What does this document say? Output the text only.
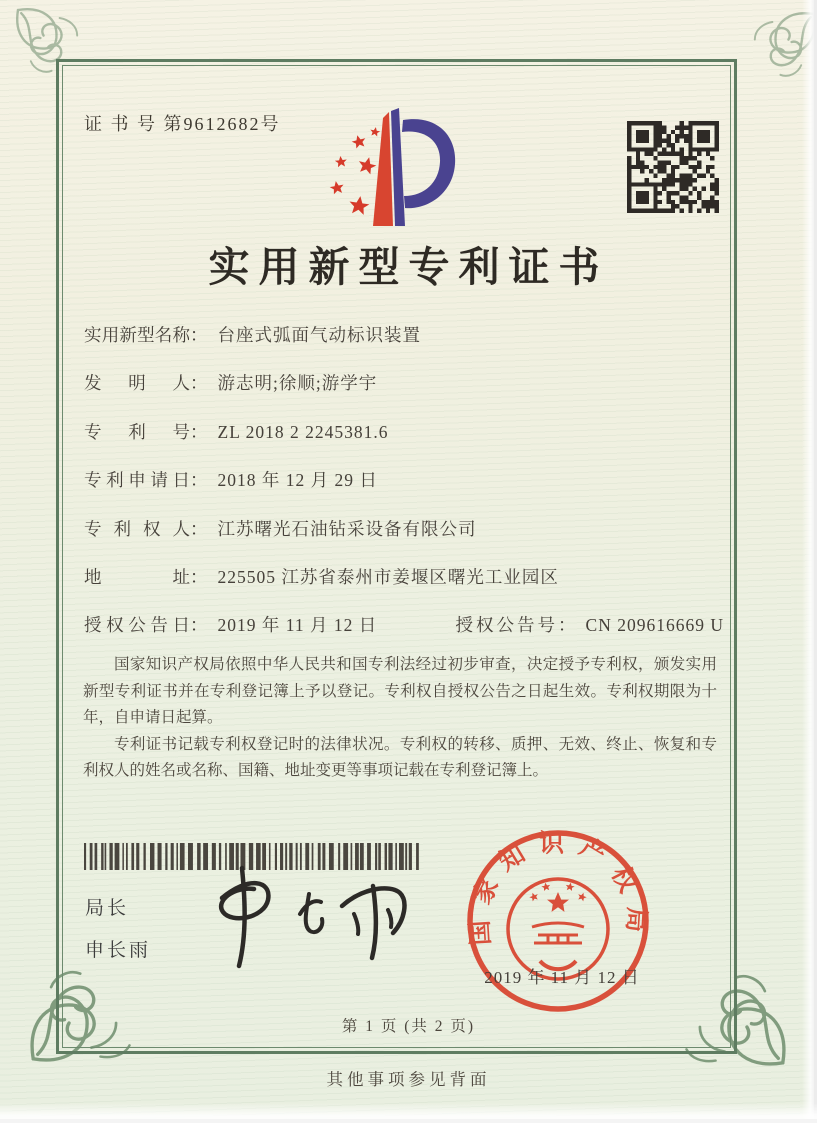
证 书 号 第9612682号
实用新型专利证书
实用新型名称 ： 台座式弧面气动标识装置
发明人 ： 游志明;徐顺;游学宇
专利号 ： ZL 2018 2 2245381.6
专利申请日 ： 2018 年 12 月 29 日
专利权人 ： 江苏曙光石油钻采设备有限公司
地址 ： 225505 江苏省泰州市姜堰区曙光工业园区
授权公告日 ： 2019 年 11 月 12 日	授权公告号 ： CN 209616669 U

国家知识产权局依照中华人民共和国专利法经过初步审查，决定授予专利权，颁发实用新型专利证书并在专利登记簿上予以登记。专利权自授权公告之日起生效。专利权期限为十年，自申请日起算。

专利证书记载专利权登记时的法律状况。专利权的转移、质押、无效、终止、恢复和专利权人的姓名或名称、国籍、地址变更等事项记载在专利登记簿上。

局长
申长雨
国家知识产权局
2019 年 11 月 12 日
第 1 页 (共 2 页)
其他事项参见背面
